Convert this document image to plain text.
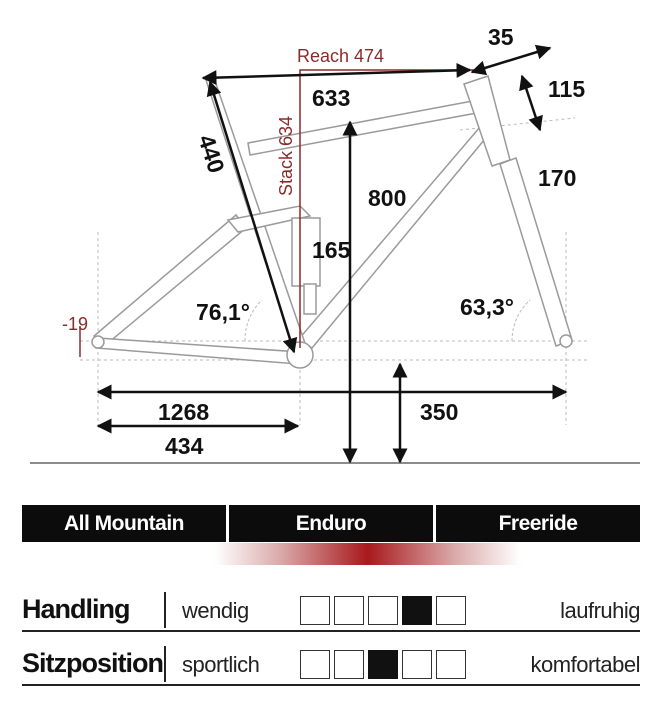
Reach 474
Stack 634
-19
633
440
35
115
170
800
165
76,1°	63,3°
1268
434
350
All Mountain	Enduro	Freeride
Handling wendig	laufruhig
Sitzposition sportlich	komfortabel
